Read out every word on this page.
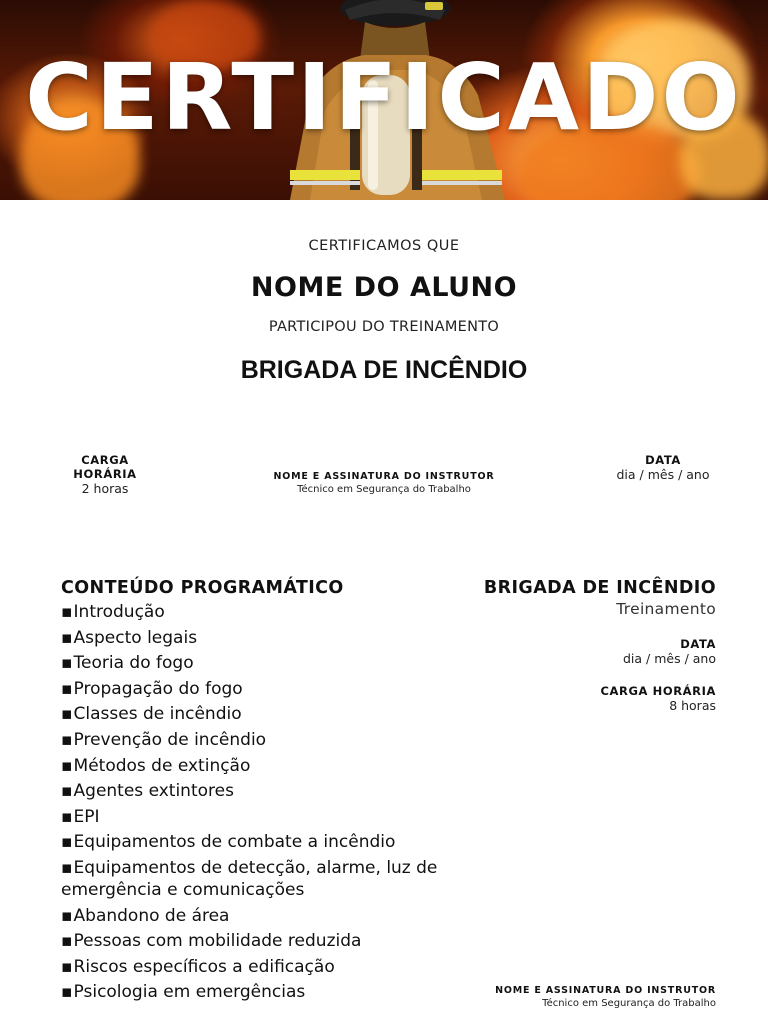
CERTIFICADO
CERTIFICAMOS QUE
NOME DO ALUNO
PARTICIPOU DO TREINAMENTO
BRIGADA DE INCÊNDIO
CARGA HORÁRIA
2 horas
NOME E ASSINATURA DO INSTRUTOR
Técnico em Segurança do Trabalho
DATA
dia / mês / ano
CONTEÚDO PROGRAMÁTICO
▪ Introdução
▪ Aspecto legais
▪ Teoria do fogo
▪ Propagação do fogo
▪ Classes de incêndio
▪ Prevenção de incêndio
▪ Métodos de extinção
▪ Agentes extintores
▪ EPI
▪ Equipamentos de combate a incêndio
▪ Equipamentos de detecção, alarme, luz de emergência e comunicações
▪ Abandono de área
▪ Pessoas com mobilidade reduzida
▪ Riscos específicos a edificação
▪ Psicologia em emergências
BRIGADA DE INCÊNDIO
Treinamento
DATA
dia / mês / ano
CARGA HORÁRIA
8 horas
NOME E ASSINATURA DO INSTRUTOR
Técnico em Segurança do Trabalho
